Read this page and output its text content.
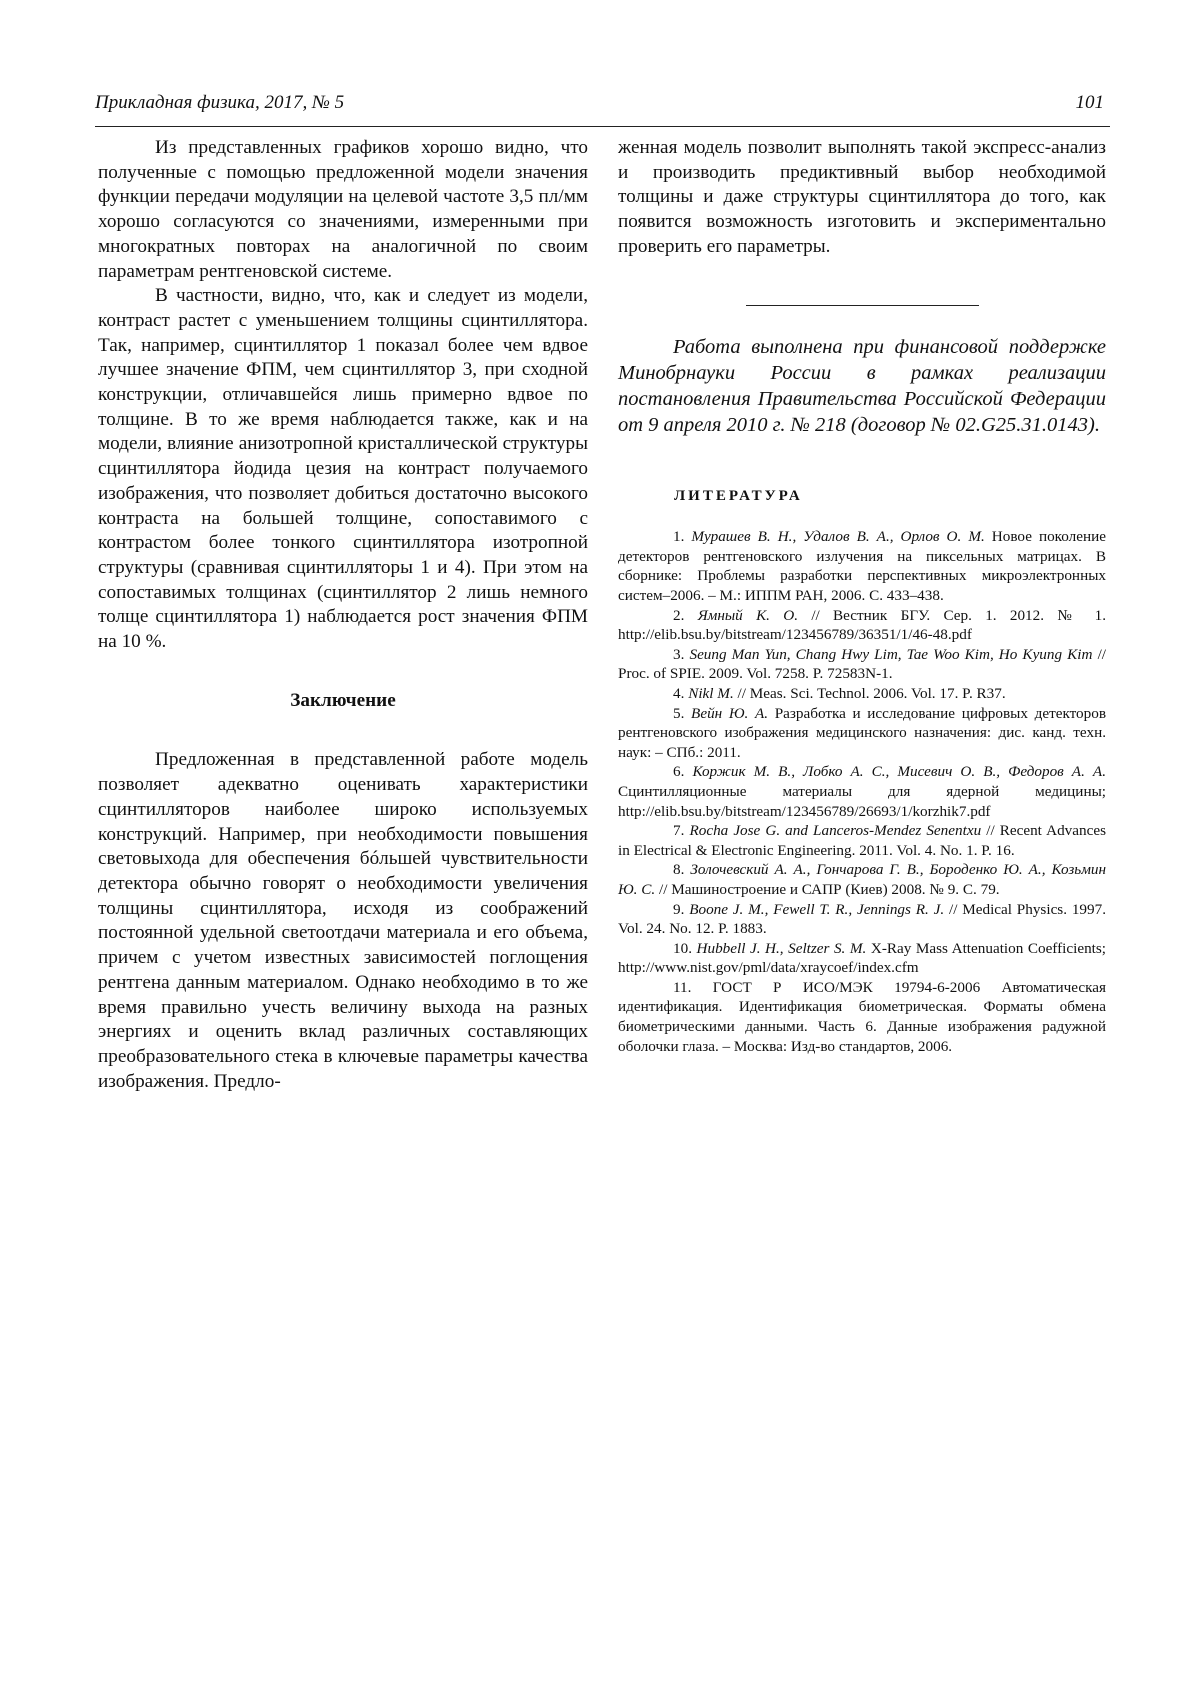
Прикладная физика, 2017, № 5	101

Из представленных графиков хорошо видно, что полученные с помощью предложенной модели значения функции передачи модуляции на целевой частоте 3,5 пл/мм хорошо согласуются со значениями, измеренными при многократных повторах на аналогичной по своим параметрам рентгеновской системе.

В частности, видно, что, как и следует из модели, контраст растет с уменьшением толщины сцинтиллятора. Так, например, сцинтиллятор 1 показал более чем вдвое лучшее значение ФПМ, чем сцинтиллятор 3, при сходной конструкции, отличавшейся лишь примерно вдвое по толщине. В то же время наблюдается также, как и на модели, влияние анизотропной кристаллической структуры сцинтиллятора йодида цезия на контраст получаемого изображения, что позволяет добиться достаточно высокого контраста на большей толщине, сопоставимого с контрастом более тонкого сцинтиллятора изотропной структуры (сравнивая сцинтилляторы 1 и 4). При этом на сопоставимых толщинах (сцинтиллятор 2 лишь немного толще сцинтиллятора 1) наблюдается рост значения ФПМ на 10 %.

Заключение

Предложенная в представленной работе модель позволяет адекватно оценивать характеристики сцинтилляторов наиболее широко используемых конструкций. Например, при необходимости повышения световыхода для обеспечения бóльшей чувствительности детектора обычно говорят о необходимости увеличения толщины сцинтиллятора, исходя из соображений постоянной удельной светоотдачи материала и его объема, причем с учетом известных зависимостей поглощения рентгена данным материалом. Однако необходимо в то же время правильно учесть величину выхода на разных энергиях и оценить вклад различных составляющих преобразовательного стека в ключевые параметры качества изображения. Предло-

женная модель позволит выполнять такой экспресс-анализ и производить предиктивный выбор необходимой толщины и даже структуры сцинтиллятора до того, как появится возможность изготовить и экспериментально проверить его параметры.

Работа выполнена при финансовой поддержке Минобрнауки России в рамках реализации постановления Правительства Российской Федерации от 9 апреля 2010 г. № 218 (договор № 02.G25.31.0143).

ЛИТЕРАТУРА

1. Мурашев В. Н., Удалов В. А., Орлов О. М. Новое поколение детекторов рентгеновского излучения на пиксельных матрицах. В сборнике: Проблемы разработки перспективных микроэлектронных систем–2006. – М.: ИППМ РАН, 2006. С. 433–438.

2. Ямный К. О. // Вестник БГУ. Сер. 1. 2012. № 1. http://elib.bsu.by/bitstream/123456789/36351/1/46-48.pdf

3. Seung Man Yun, Chang Hwy Lim, Tae Woo Kim, Ho Kyung Kim // Proc. of SPIE. 2009. Vol. 7258. P. 72583N-1.

4. Nikl M. // Meas. Sci. Technol. 2006. Vol. 17. P. R37.

5. Вейн Ю. А. Разработка и исследование цифровых детекторов рентгеновского изображения медицинского назначения: дис. канд. техн. наук: – СПб.: 2011.

6. Коржик М. В., Лобко А. С., Мисевич О. В., Федоров А. А. Сцинтилляционные материалы для ядерной медицины; http://elib.bsu.by/bitstream/123456789/26693/1/korzhik7.pdf

7. Rocha Jose G. and Lanceros-Mendez Senentxu // Recent Advances in Electrical & Electronic Engineering. 2011. Vol. 4. No. 1. P. 16.

8. Золочевский А. А., Гончарова Г. В., Бороденко Ю. А., Козьмин Ю. С. // Машиностроение и САПР (Киев) 2008. № 9. С. 79.

9. Boone J. M., Fewell T. R., Jennings R. J. // Medical Physics. 1997. Vol. 24. No. 12. P. 1883.

10. Hubbell J. H., Seltzer S. M. X-Ray Mass Attenuation Coefficients; http://www.nist.gov/pml/data/xraycoef/index.cfm

11. ГОСТ Р ИСО/МЭК 19794-6-2006 Автоматическая идентификация. Идентификация биометрическая. Форматы обмена биометрическими данными. Часть 6. Данные изображения радужной оболочки глаза. – Москва: Изд-во стандартов, 2006.
